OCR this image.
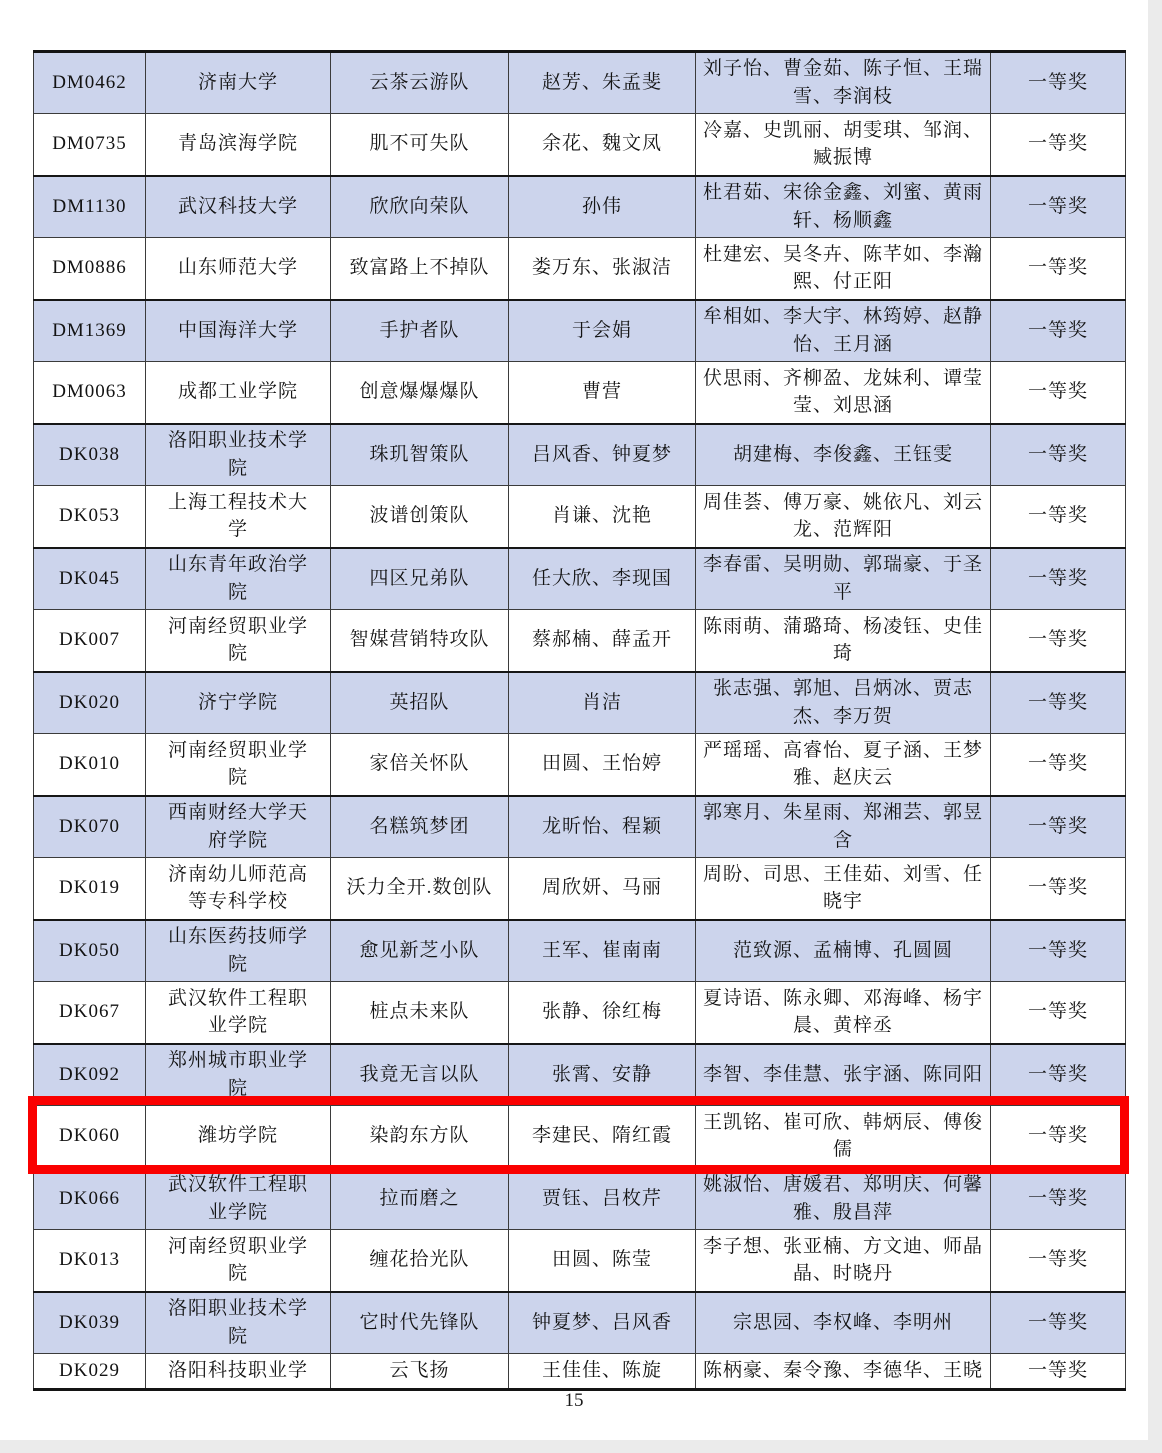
DM0462	济南大学	云茶云游队	赵芳、朱孟斐	刘子怡、曹金茹、陈子恒、王瑞雪、李润枝	一等奖
DM0735	青岛滨海学院	肌不可失队	余花、魏文凤	冷嘉、史凯丽、胡雯琪、邹润、臧振博	一等奖
DM1130	武汉科技大学	欣欣向荣队	孙伟	杜君茹、宋徐金鑫、刘蜜、黄雨轩、杨顺鑫	一等奖
DM0886	山东师范大学	致富路上不掉队	娄万东、张淑洁	杜建宏、吴冬卉、陈芊如、李瀚熙、付正阳	一等奖
DM1369	中国海洋大学	手护者队	于会娟	牟相如、李大宇、林筠婷、赵静怡、王月涵	一等奖
DM0063	成都工业学院	创意爆爆爆队	曹营	伏思雨、齐柳盈、龙妹利、谭莹莹、刘思涵	一等奖
DK038	洛阳职业技术学院	珠玑智策队	吕风香、钟夏梦	胡建梅、李俊鑫、王钰雯	一等奖
DK053	上海工程技术大学	波谱创策队	肖谦、沈艳	周佳荟、傅万豪、姚依凡、刘云龙、范辉阳	一等奖
DK045	山东青年政治学院	四区兄弟队	任大欣、李现国	李春雷、吴明勋、郭瑞豪、于圣平	一等奖
DK007	河南经贸职业学院	智媒营销特攻队	蔡郝楠、薛孟开	陈雨萌、蒲璐琦、杨凌钰、史佳琦	一等奖
DK020	济宁学院	英招队	肖洁	张志强、郭旭、吕炳冰、贾志杰、李万贺	一等奖
DK010	河南经贸职业学院	家倍关怀队	田圆、王怡婷	严瑶瑶、高睿怡、夏子涵、王梦雅、赵庆云	一等奖
DK070	西南财经大学天府学院	名糕筑梦团	龙昕怡、程颖	郭寒月、朱星雨、郑湘芸、郭昱含	一等奖
DK019	济南幼儿师范高等专科学校	沃力全开.数创队	周欣妍、马丽	周盼、司思、王佳茹、刘雪、任晓宇	一等奖
DK050	山东医药技师学院	愈见新芝小队	王军、崔南南	范致源、孟楠博、孔圆圆	一等奖
DK067	武汉软件工程职业学院	桩点未来队	张静、徐红梅	夏诗语、陈永卿、邓海峰、杨宇晨、黄梓丞	一等奖
DK092	郑州城市职业学院	我竟无言以队	张霄、安静	李智、李佳慧、张宇涵、陈同阳	一等奖
DK060	潍坊学院	染韵东方队	李建民、隋红霞	王凯铭、崔可欣、韩炳辰、傅俊儒	一等奖
DK066	武汉软件工程职业学院	拉而磨之	贾钰、吕枚芹	姚淑怡、唐媛君、郑明庆、何馨雅、殷昌萍	一等奖
DK013	河南经贸职业学院	缠花拾光队	田圆、陈莹	李子想、张亚楠、方文迪、师晶晶、时晓丹	一等奖
DK039	洛阳职业技术学院	它时代先锋队	钟夏梦、吕风香	宗思园、李权峰、李明州	一等奖
DK029	洛阳科技职业学	云飞扬	王佳佳、陈旋	陈柄豪、秦令豫、李德华、王晓	一等奖
15
